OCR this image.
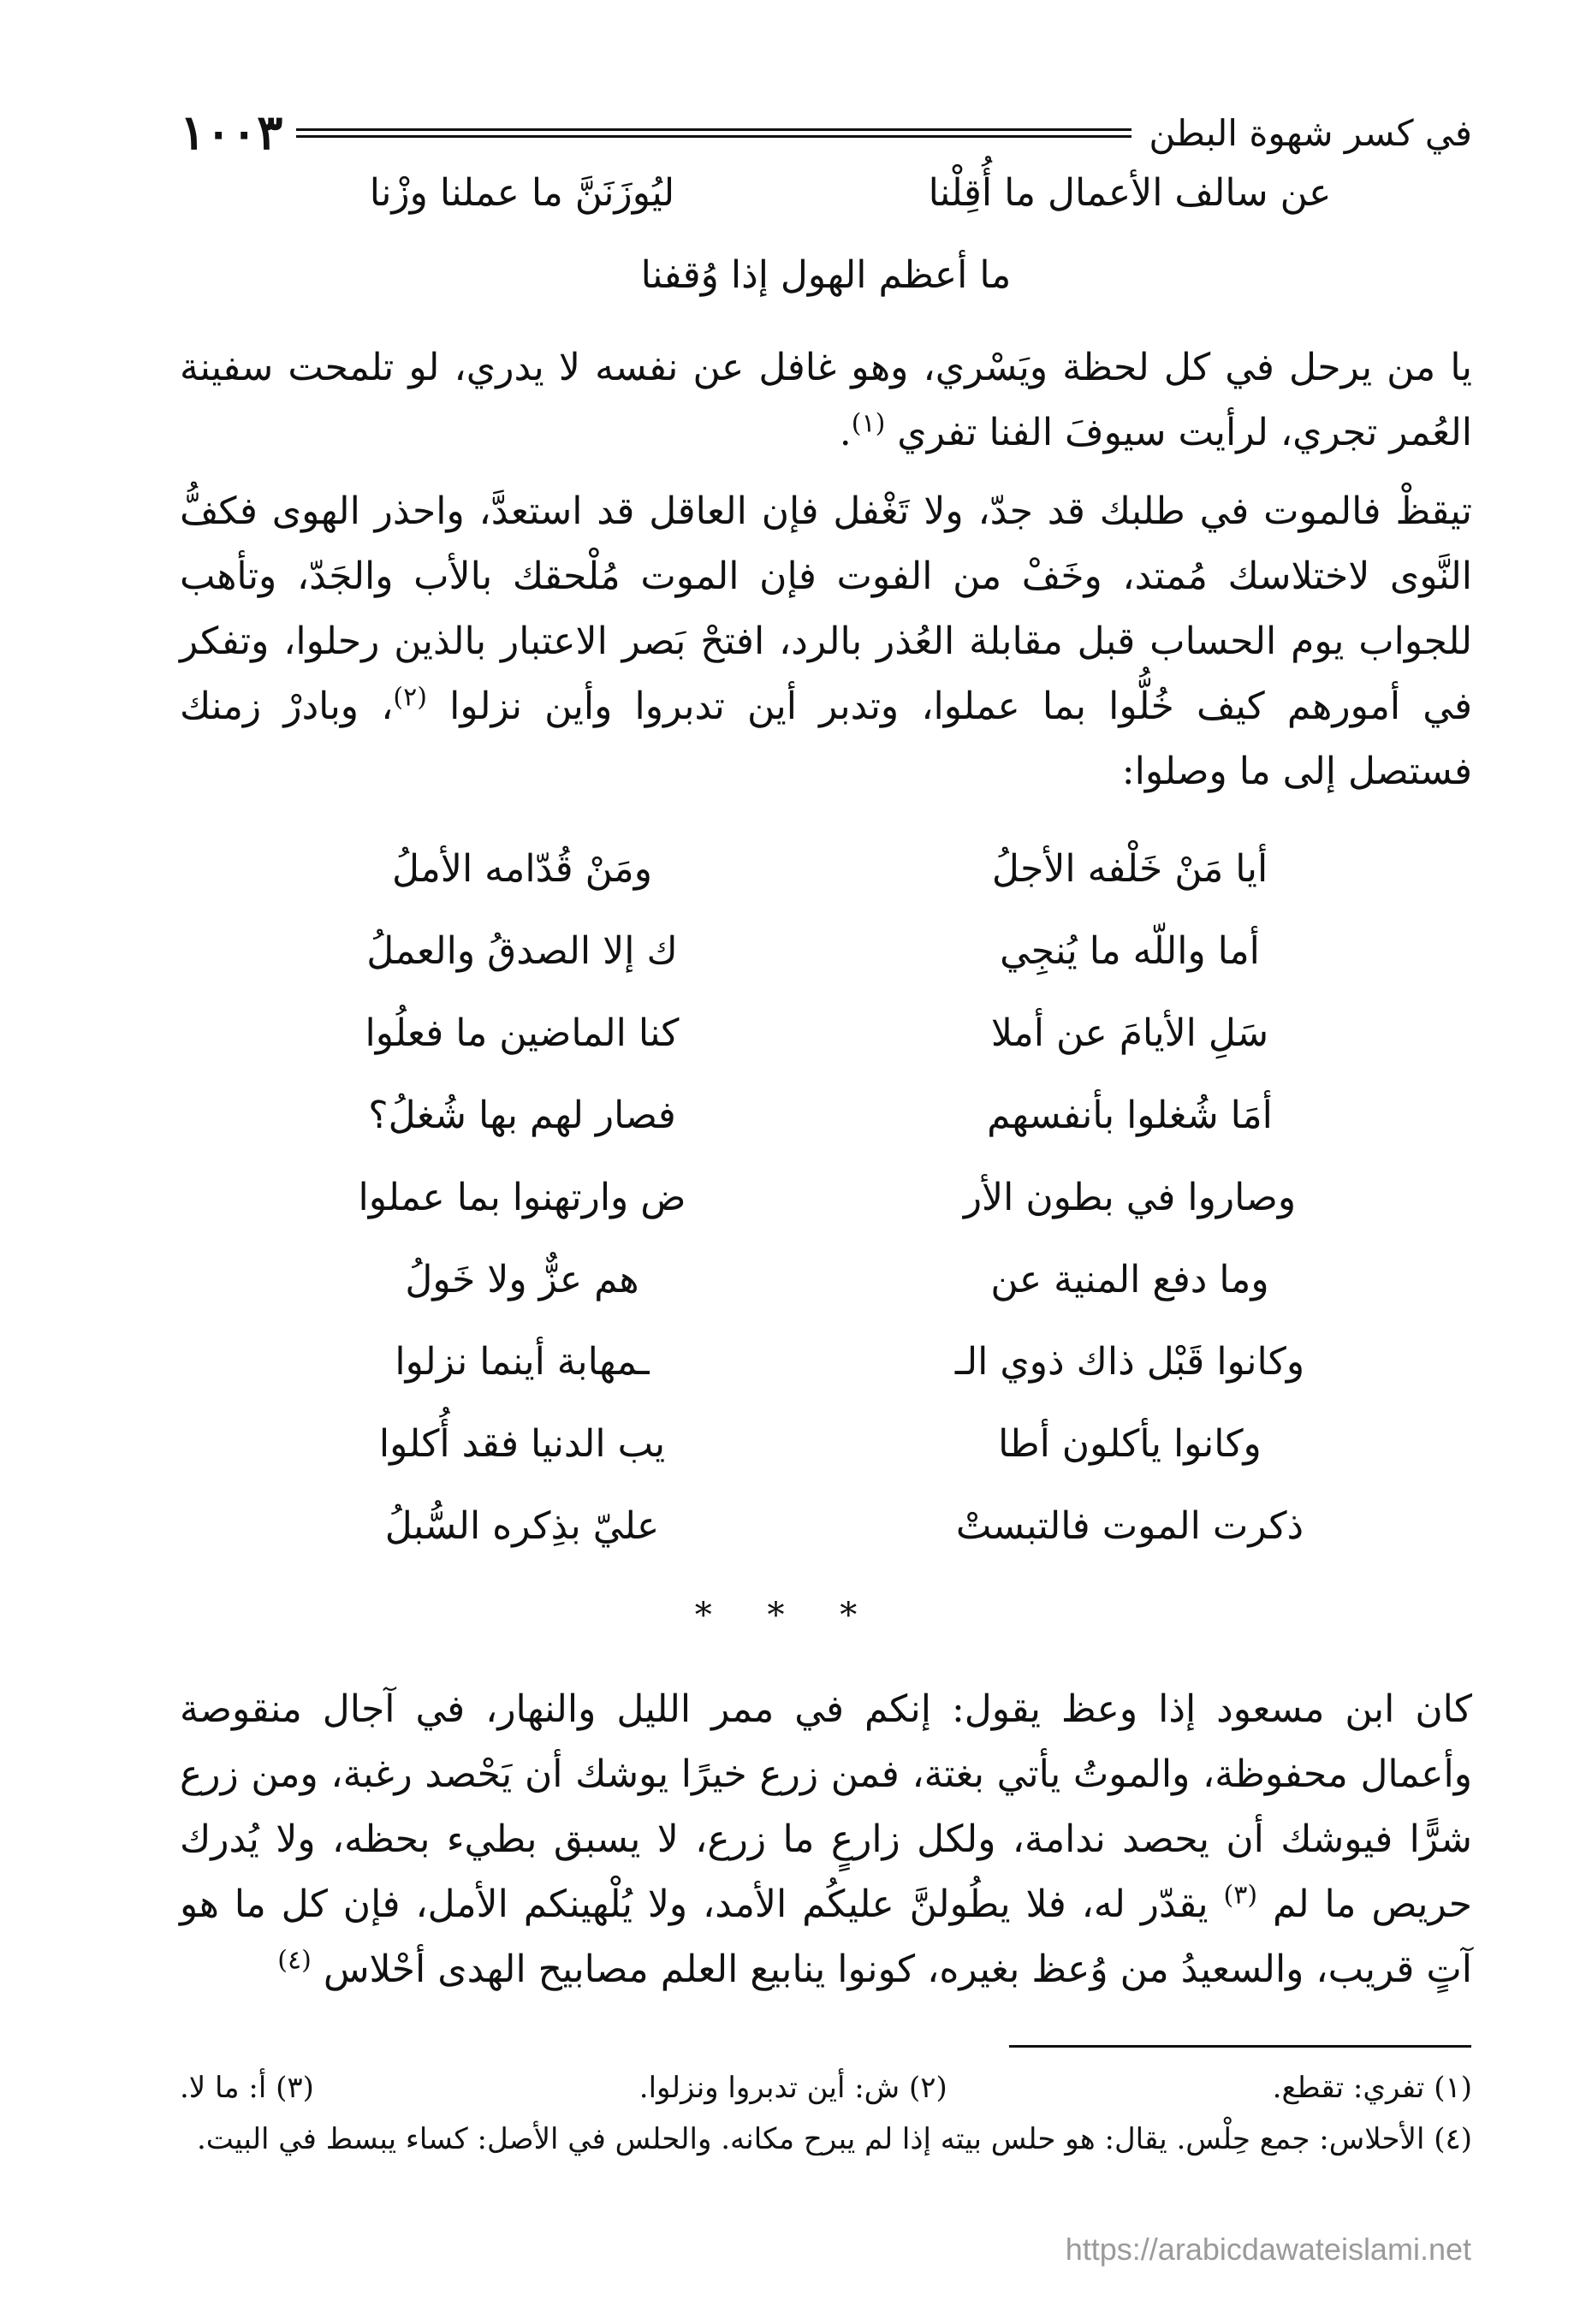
في كسر شهوة البطن
١٠٠٣
عن سالف الأعمال ما أُقِلْنا
ليُوزَنَنَّ ما عملنا وزْنا
ما أعظم الهول إذا وُقفنا
يا من يرحل في كل لحظة ويَسْري، وهو غافل عن نفسه لا يدري، لو تلمحت سفينة العُمر تجري، لرأيت سيوفَ الفنا تفري $^{(١)}$.
تيقظْ فالموت في طلبك قد جدّ، ولا تَغْفل فإن العاقل قد استعدَّ، واحذر الهوى فكفُّ النَّوى لاختلاسك مُمتد، وخَفْ من الفوت فإن الموت مُلْحقك بالأب والجَدّ، وتأهب للجواب يوم الحساب قبل مقابلة العُذر بالرد، افتحْ بَصر الاعتبار بالذين رحلوا، وتفكر في أمورهم كيف خُلُّوا بما عملوا، وتدبر أين تدبروا وأين نزلوا $^{(٢)}$، وبادرْ زمنك فستصل إلى ما وصلوا:
أيا مَنْ خَلْفه الأجلُ
ومَنْ قُدّامه الأملُ
أما واللّه ما يُنجِي
ك إلا الصدقُ والعملُ
سَلِ الأيامَ عن أملا
كنا الماضين ما فعلُوا
أمَا شُغلوا بأنفسهم
فصار لهم بها شُغلُ؟
وصاروا في بطون الأر
ض وارتهنوا بما عملوا
وما دفع المنية عن
هم عزٌّ ولا خَولُ
وكانوا قَبْل ذاك ذوي الـ
ـمهابة أينما نزلوا
وكانوا يأكلون أطا
يب الدنيا فقد أُكلوا
ذكرت الموت فالتبستْ
عليّ بذِكره السُّبلُ
* * *
كان ابن مسعود إذا وعظ يقول: إنكم في ممر الليل والنهار، في آجال منقوصة وأعمال محفوظة، والموتُ يأتي بغتة، فمن زرع خيرًا يوشك أن يَحْصد رغبة، ومن زرع شرًّا فيوشك أن يحصد ندامة، ولكل زارعٍ ما زرع، لا يسبق بطيء بحظه، ولا يُدرك حريص ما لم $^{(٣)}$ يقدّر له، فلا يطُولنَّ عليكُم الأمد، ولا يُلْهينكم الأمل، فإن كل ما هو آتٍ قريب، والسعيدُ من وُعظ بغيره، كونوا ينابيع العلم مصابيح الهدى أحْلاس $^{(٤)}$
(١) تفري: تقطع.
(٢) ش: أين تدبروا ونزلوا.
(٣) أ: ما لا.
(٤) الأحلاس: جمع حِلْس. يقال: هو حلس بيته إذا لم يبرح مكانه. والحلس في الأصل: كساء يبسط في البيت.
https://arabicdawateislami.net
